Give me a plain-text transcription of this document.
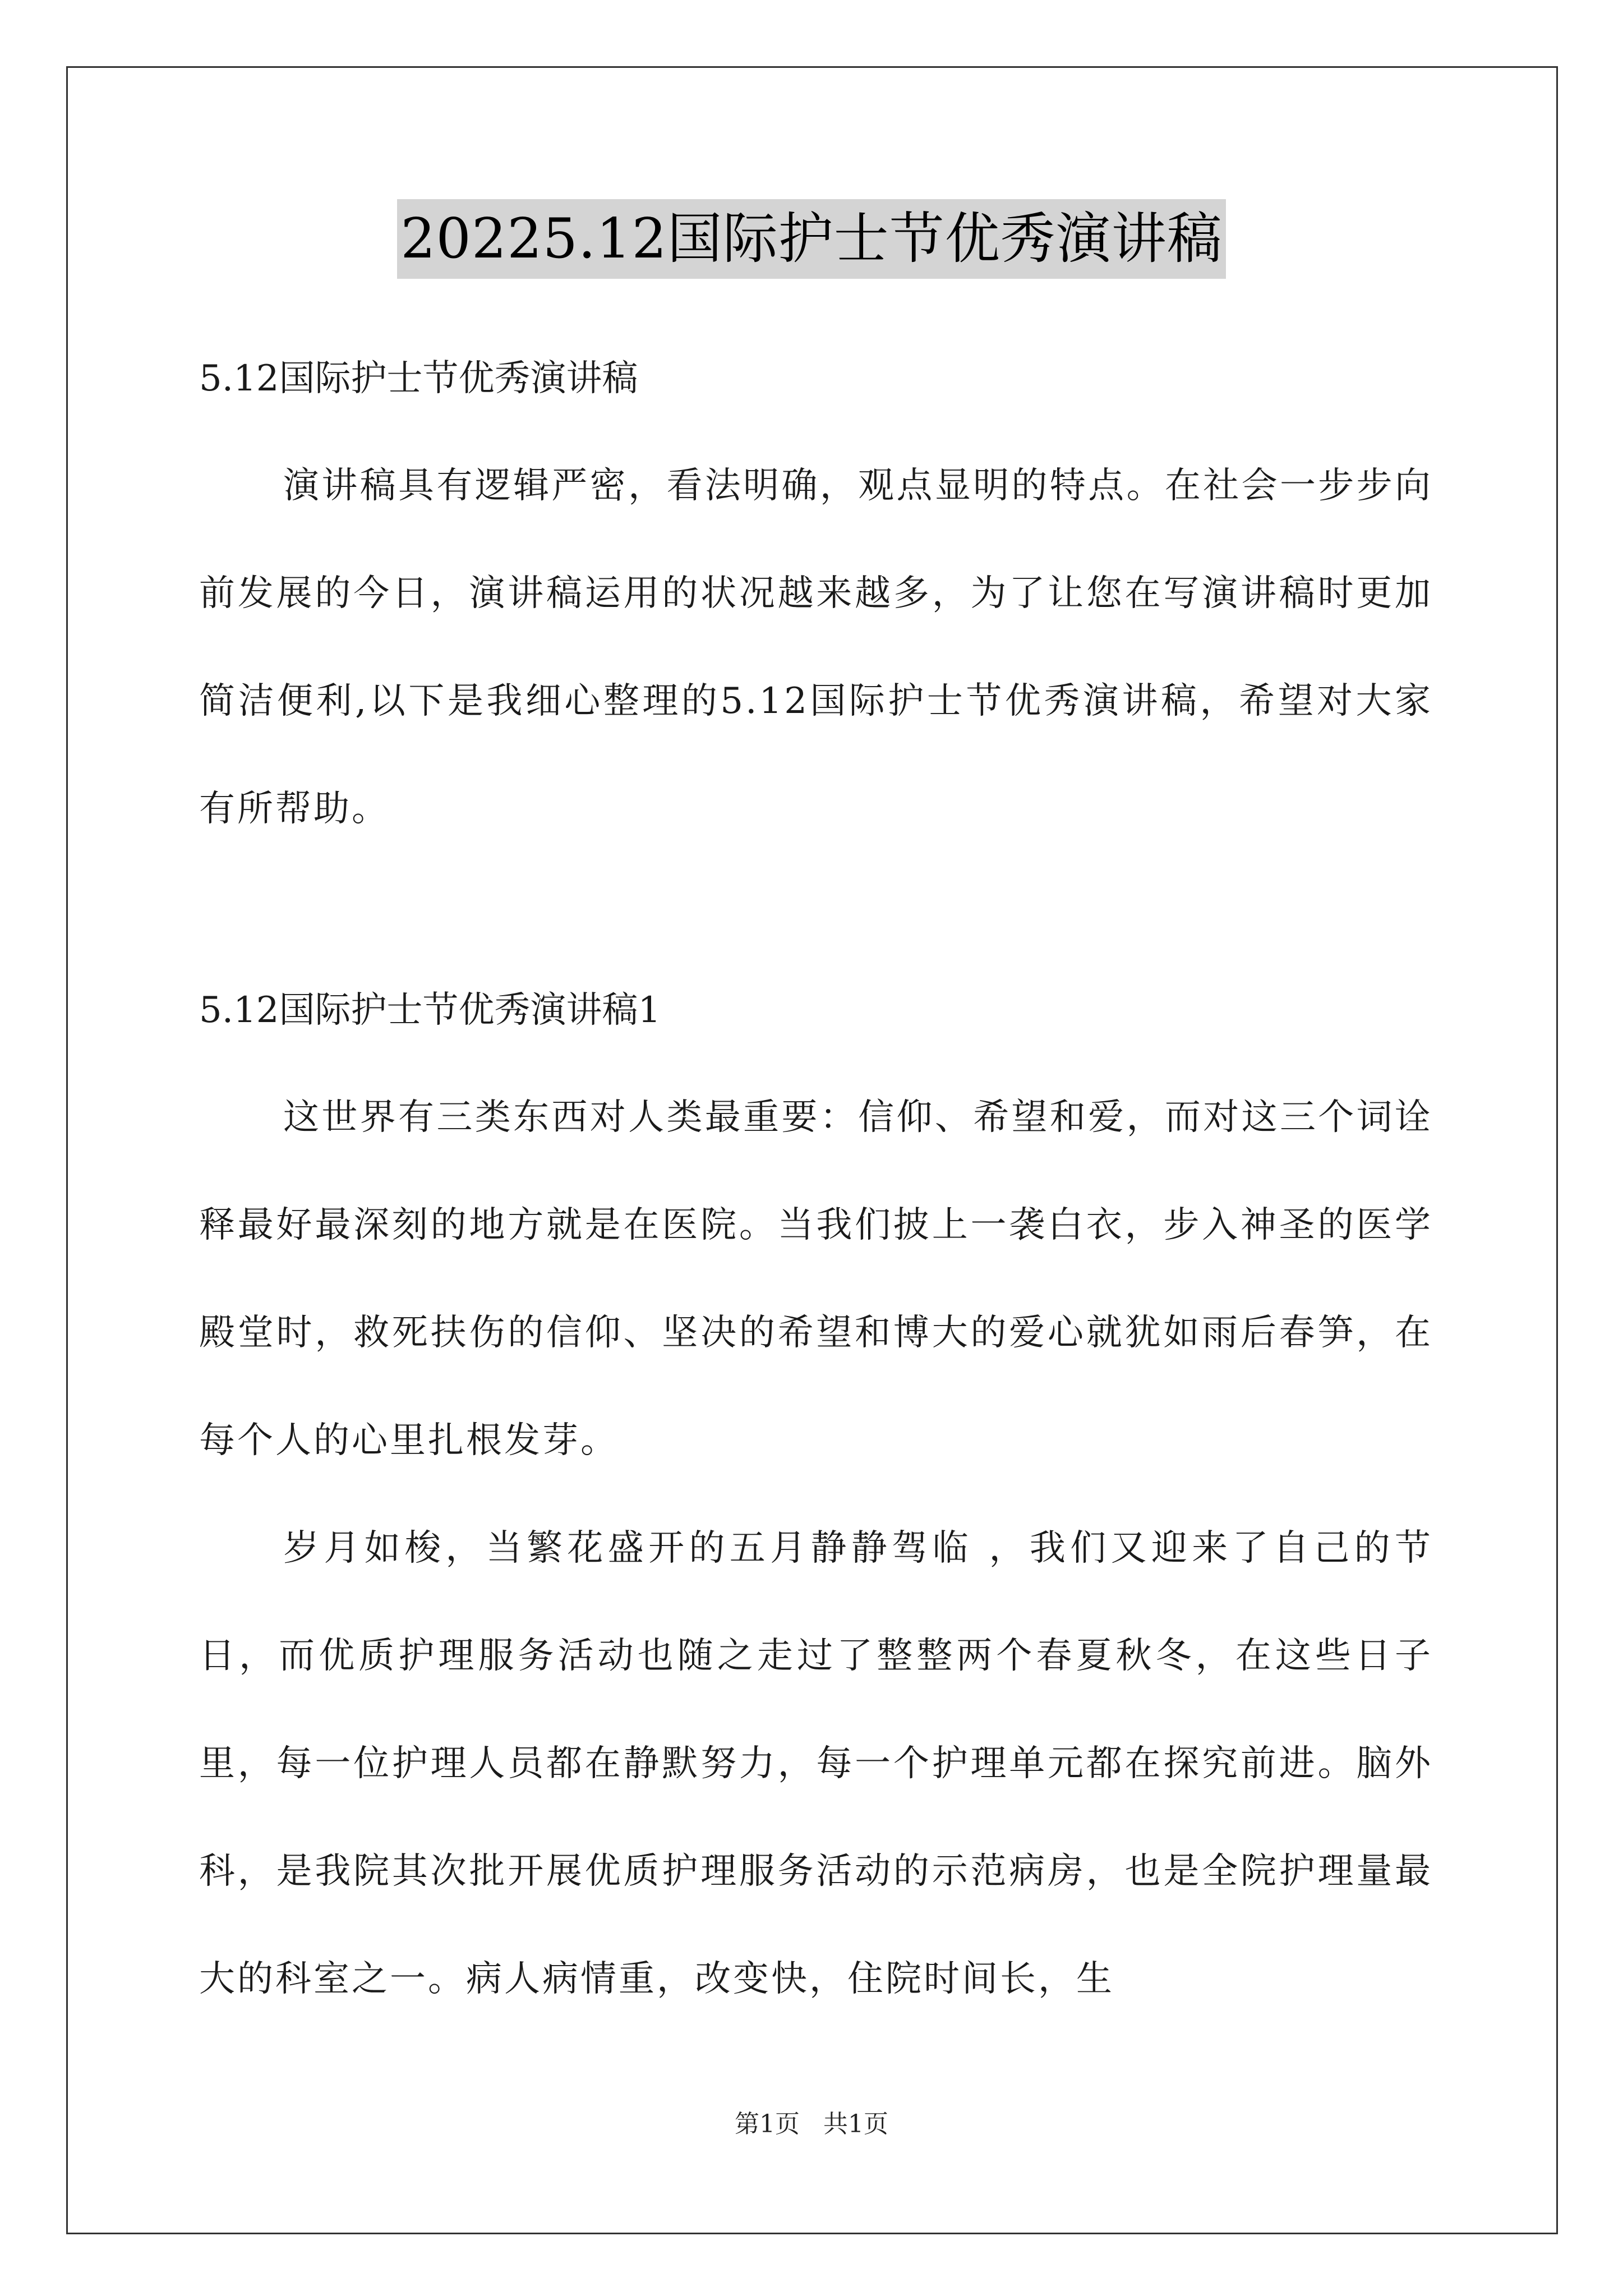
20225.12国际护士节优秀演讲稿

5.12国际护士节优秀演讲稿

演讲稿具有逻辑严密，看法明确，观点显明的特点。在社会一步步向前发展的今日，演讲稿运用的状况越来越多，为了让您在写演讲稿时更加简洁便利,以下是我细心整理的5.12国际护士节优秀演讲稿，希望对大家有所帮助。

5.12国际护士节优秀演讲稿1

这世界有三类东西对人类最重要：信仰、希望和爱，而对这三个词诠释最好最深刻的地方就是在医院。当我们披上一袭白衣，步入神圣的医学殿堂时，救死扶伤的信仰、坚决的希望和博大的爱心就犹如雨后春笋，在每个人的心里扎根发芽。

岁月如梭，当繁花盛开的五月静静驾临 ，我们又迎来了自己的节日，而优质护理服务活动也随之走过了整整两个春夏秋冬，在这些日子里，每一位护理人员都在静默努力，每一个护理单元都在探究前进。脑外科，是我院其次批开展优质护理服务活动的示范病房，也是全院护理量最大的科室之一。病人病情重，改变快，住院时间长，生

第1页 共1页
